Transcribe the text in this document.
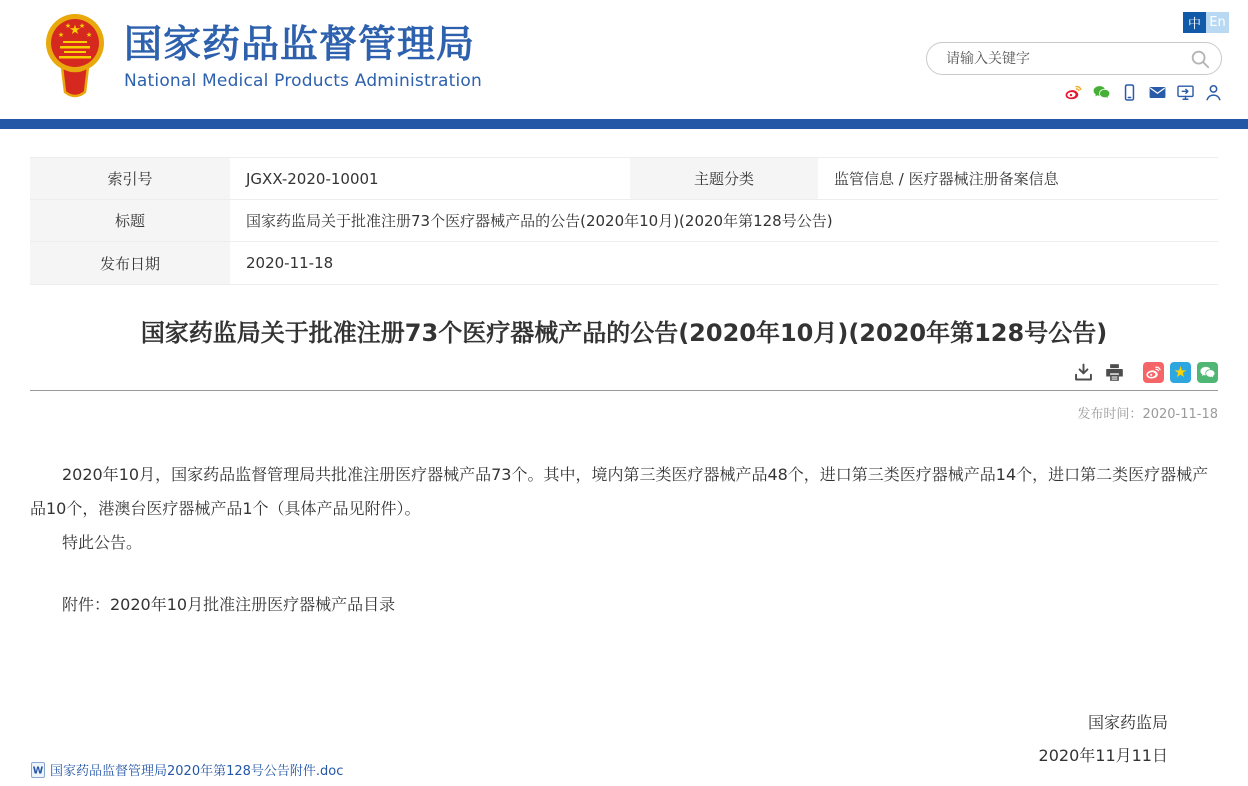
★
★
★ ★
★ 国家药品监督管理局
National Medical Products Administration
中 En
请输入关键字
索引号	JGXX-2020-10001	主题分类	监管信息 / 医疗器械注册备案信息
标题	国家药监局关于批准注册73个医疗器械产品的公告(2020年10月)(2020年第128号公告)
发布日期	2020-11-18
国家药监局关于批准注册73个医疗器械产品的公告(2020年10月)(2020年第128号公告)
★
发布时间：2020-11-18

2020年10月，国家药品监督管理局共批准注册医疗器械产品73个。其中，境内第三类医疗器械产品48个，进口第三类医疗器械产品14个，进口第二类医疗器械产品10个，港澳台医疗器械产品1个（具体产品见附件）。

特此公告。

附件：2020年10月批准注册医疗器械产品目录
国家药监局
2020年11月11日
W 国家药品监督管理局2020年第128号公告附件.doc
